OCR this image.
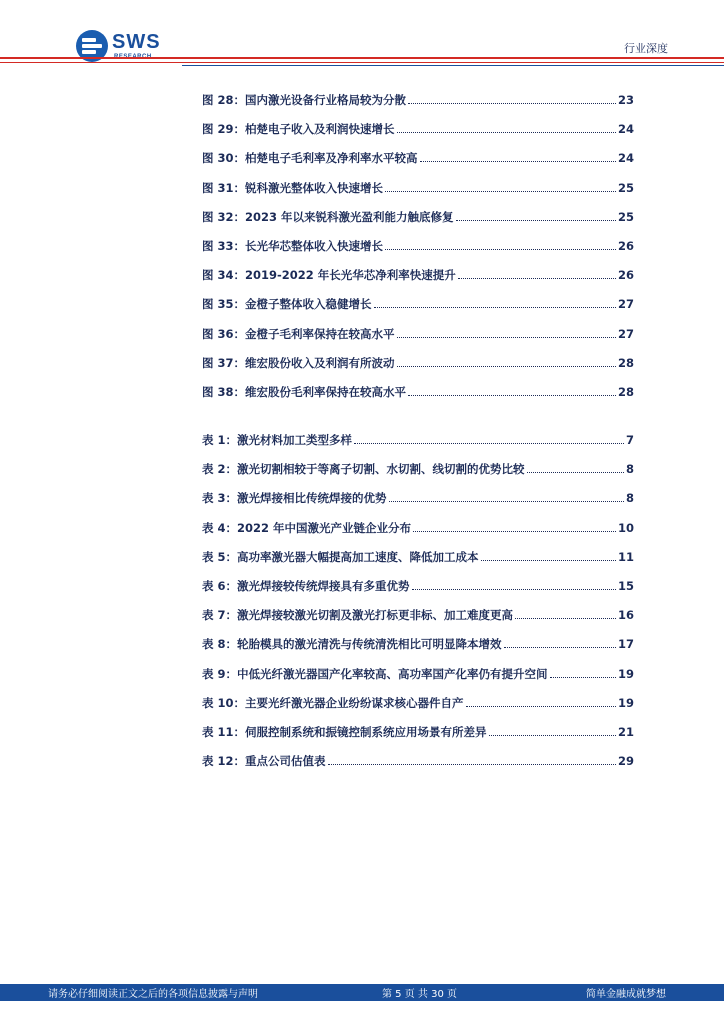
SWS	行业深度
图 28：国内激光设备行业格局较为分散	23
图 29：柏楚电子收入及利润快速增长	24
图 30：柏楚电子毛利率及净利率水平较高	24
图 31：锐科激光整体收入快速增长	25
图 32：2023 年以来锐科激光盈利能力触底修复	25
图 33：长光华芯整体收入快速增长	26
图 34：2019-2022 年长光华芯净利率快速提升	26
图 35：金橙子整体收入稳健增长	27
图 36：金橙子毛利率保持在较高水平	27
图 37：维宏股份收入及利润有所波动	28
图 38：维宏股份毛利率保持在较高水平	28
表 1：激光材料加工类型多样	7
表 2：激光切割相较于等离子切割、水切割、线切割的优势比较	8
表 3：激光焊接相比传统焊接的优势	8
表 4：2022 年中国激光产业链企业分布	10
表 5：高功率激光器大幅提高加工速度、降低加工成本	11
表 6：激光焊接较传统焊接具有多重优势	15
表 7：激光焊接较激光切割及激光打标更非标、加工难度更高	16
表 8：轮胎模具的激光清洗与传统清洗相比可明显降本增效	17
表 9：中低光纤激光器国产化率较高、高功率国产化率仍有提升空间	19
表 10：主要光纤激光器企业纷纷谋求核心器件自产	19
表 11：伺服控制系统和振镜控制系统应用场景有所差异	21
表 12：重点公司估值表	29
请务必仔细阅读正文之后的各项信息披露与声明	第 5 页 共 30 页	简单金融成就梦想
